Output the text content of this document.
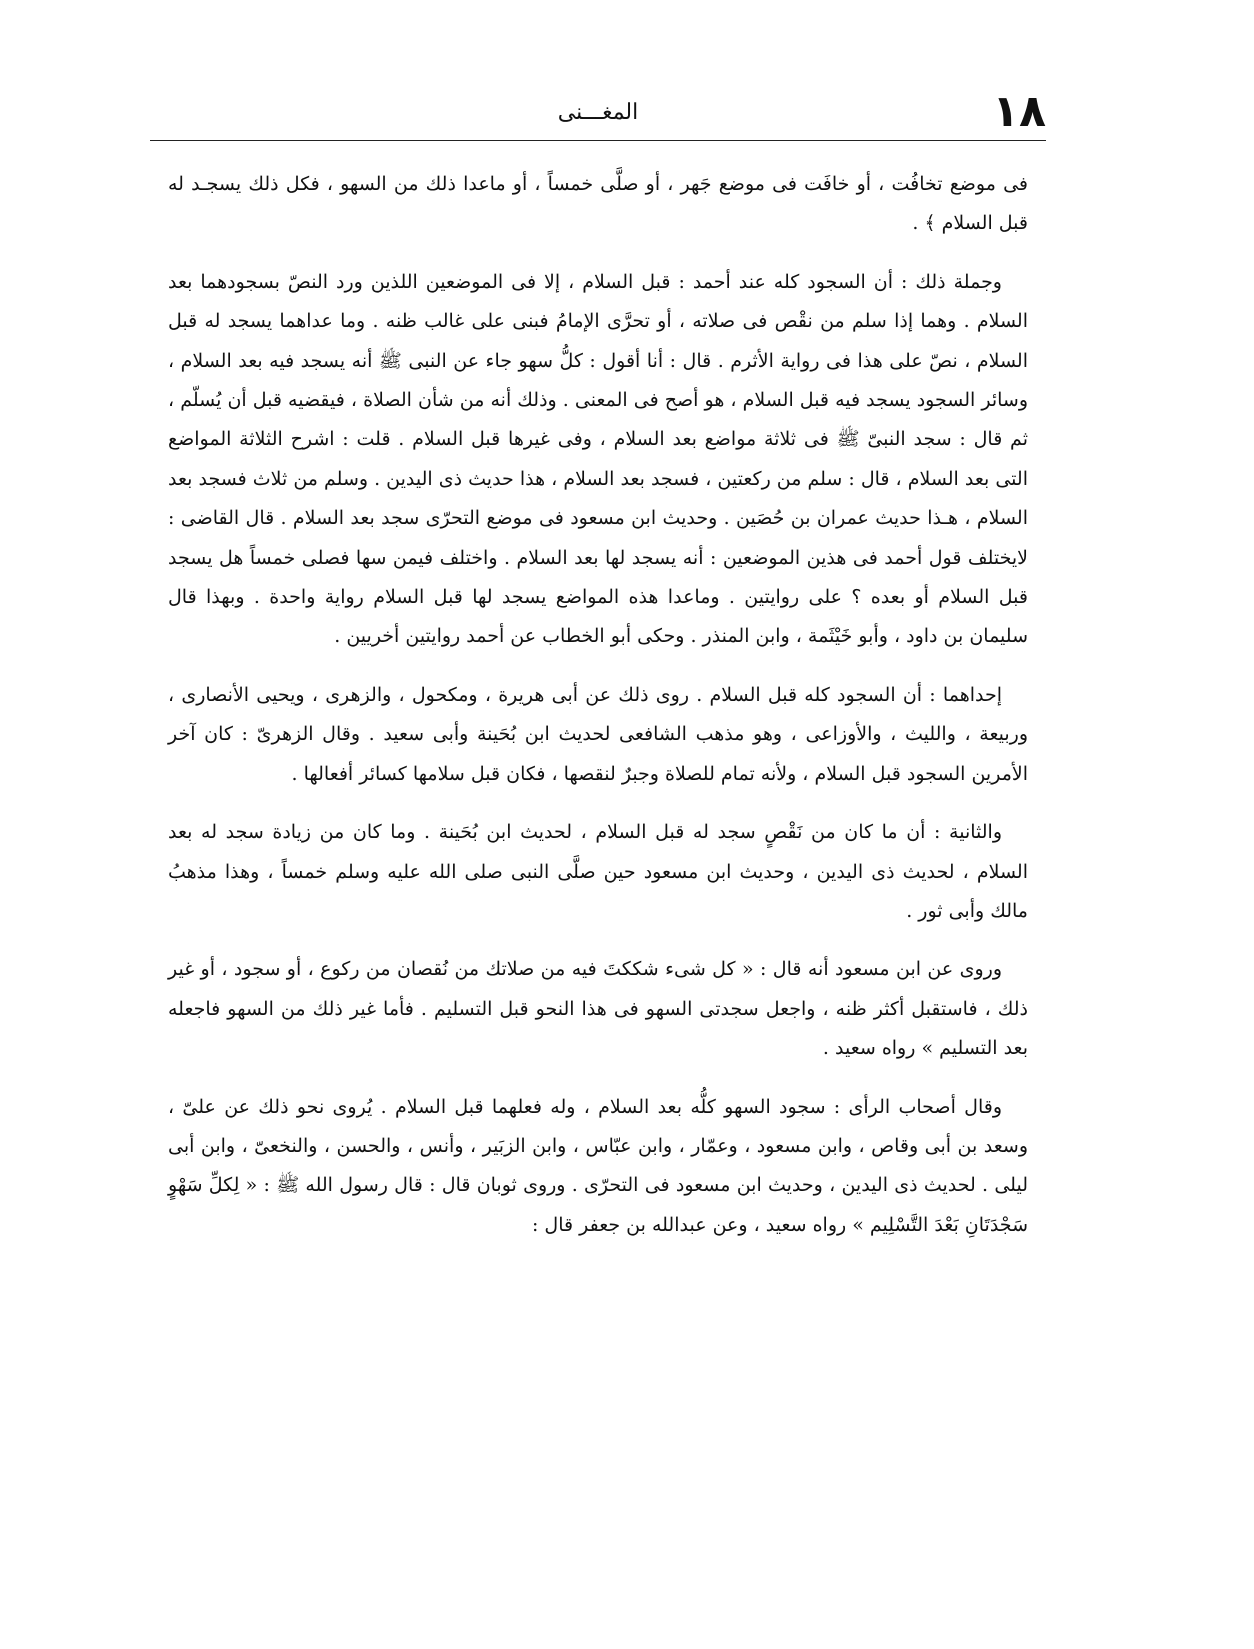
١٨
المغـــنى

فى موضع تخافُت ، أو خافَت فى موضع جَهر ، أو صلَّى خمساً ، أو ماعدا ذلك من السهو ، فكل ذلك يسجـد له قبل السلام ﴾ .

وجملة ذلك : أن السجود كله عند أحمد : قبل السلام ، إلا فى الموضعين اللذين ورد النصّ بسجودهما بعد السلام . وهما إذا سلم من نقْص فى صلاته ، أو تحرَّى الإمامُ فبنى على غالب ظنه . وما عداهما يسجد له قبل السلام ، نصّ على هذا فى رواية الأثرم . قال : أنا أقول : كلُّ سهو جاء عن النبى ﷺ أنه يسجد فيه بعد السلام ، وسائر السجود يسجد فيه قبل السلام ، هو أصح فى المعنى . وذلك أنه من شأن الصلاة ، فيقضيه قبل أن يُسلّم ، ثم قال : سجد النبىّ ﷺ فى ثلاثة مواضع بعد السلام ، وفى غيرها قبل السلام . قلت : اشرح الثلاثة المواضع التى بعد السلام ، قال : سلم من ركعتين ، فسجد بعد السلام ، هذا حديث ذى اليدين . وسلم من ثلاث فسجد بعد السلام ، هـذا حديث عمران بن حُصَين . وحديث ابن مسعود فى موضع التحرّى سجد بعد السلام . قال القاضى : لايختلف قول أحمد فى هذين الموضعين : أنه يسجد لها بعد السلام . واختلف فيمن سها فصلى خمساً هل يسجد قبل السلام أو بعده ؟ على روايتين . وماعدا هذه المواضع يسجد لها قبل السلام رواية واحدة . وبهذا قال سليمان بن داود ، وأبو خَيْثَمة ، وابن المنذر . وحكى أبو الخطاب عن أحمد روايتين أخريين .

إحداهما : أن السجود كله قبل السلام . روى ذلك عن أبى هريرة ، ومكحول ، والزهرى ، ويحيى الأنصارى ، وربيعة ، والليث ، والأوزاعى ، وهو مذهب الشافعى لحديث ابن بُحَينة وأبى سعيد . وقال الزهرىّ : كان آخر الأمرين السجود قبل السلام ، ولأنه تمام للصلاة وجبرٌ لنقصها ، فكان قبل سلامها كسائر أفعالها .

والثانية : أن ما كان من نَقْصٍ سجد له قبل السلام ، لحديث ابن بُحَينة . وما كان من زيادة سجد له بعد السلام ، لحديث ذى اليدين ، وحديث ابن مسعود حين صلَّى النبى صلى الله عليه وسلم خمساً ، وهذا مذهبُ مالك وأبى ثور .

وروى عن ابن مسعود أنه قال : « كل شىء شككتَ فيه من صلاتك من نُقصان من ركوع ، أو سجود ، أو غير ذلك ، فاستقبل أكثر ظنه ، واجعل سجدتى السهو فى هذا النحو قبل التسليم . فأما غير ذلك من السهو فاجعله بعد التسليم » رواه سعيد .

وقال أصحاب الرأى : سجود السهو كلُّه بعد السلام ، وله فعلهما قبل السلام . يُروى نحو ذلك عن علىّ ، وسعد بن أبى وقاص ، وابن مسعود ، وعمّار ، وابن عبّاس ، وابن الزبَير ، وأنس ، والحسن ، والنخعىّ ، وابن أبى ليلى . لحديث ذى اليدين ، وحديث ابن مسعود فى التحرّى . وروى ثوبان قال : قال رسول الله ﷺ : « لِكلِّ سَهْوٍ سَجْدَتَانِ بَعْدَ التَّسْلِيم » رواه سعيد ، وعن عبدالله بن جعفر قال :
